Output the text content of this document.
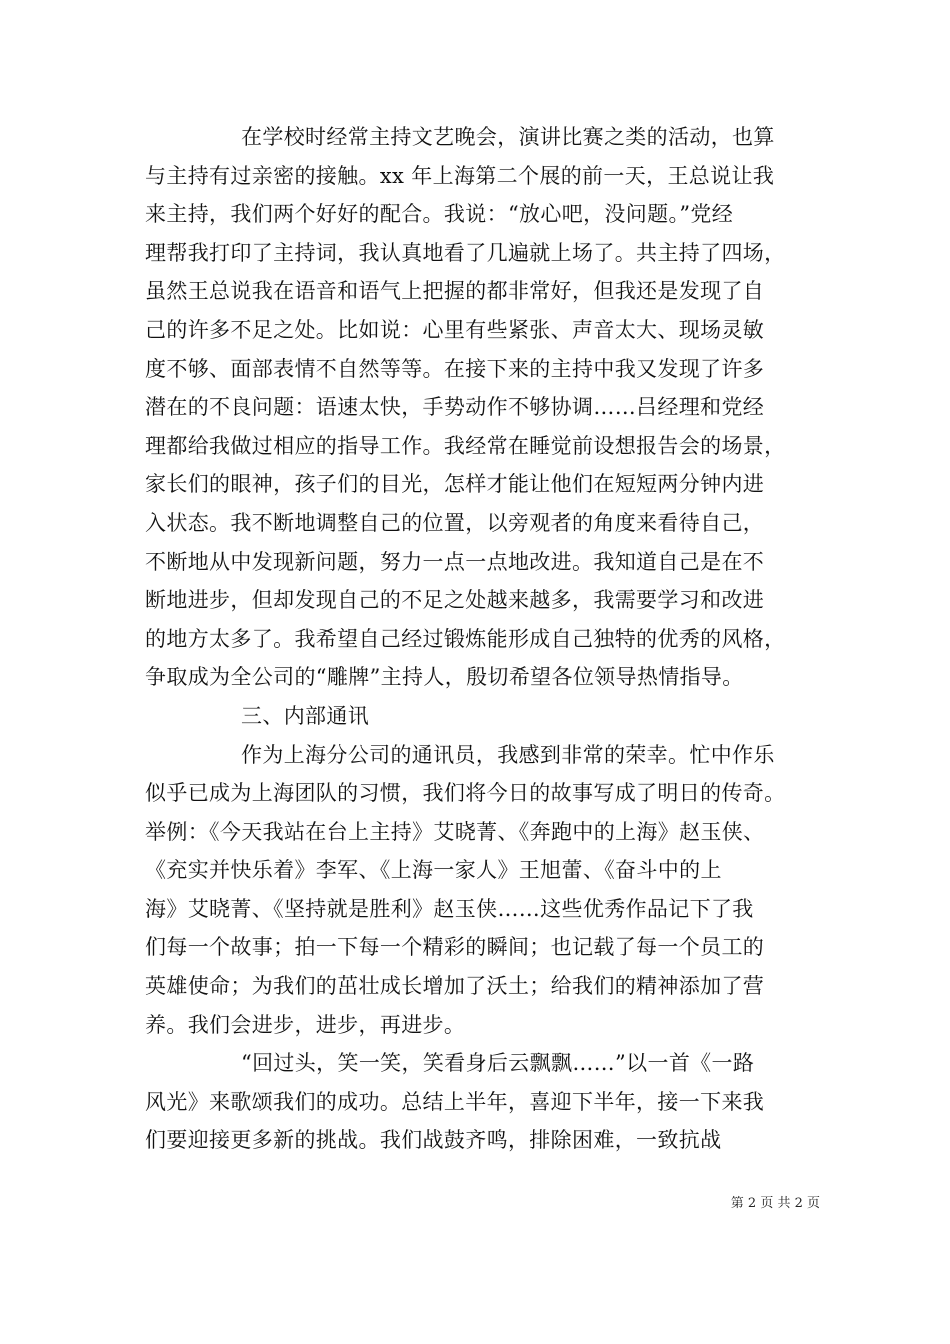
在学校时经常主持文艺晚会，演讲比赛之类的活动，也算
与主持有过亲密的接触。xx 年上海第二个展的前一天，王总说让我
来主持，我们两个好好的配合。我说：“放心吧，没问题。”党经
理帮我打印了主持词，我认真地看了几遍就上场了。共主持了四场，
虽然王总说我在语音和语气上把握的都非常好，但我还是发现了自
己的许多不足之处。比如说：心里有些紧张、声音太大、现场灵敏
度不够、面部表情不自然等等。在接下来的主持中我又发现了许多
潜在的不良问题：语速太快，手势动作不够协调……吕经理和党经
理都给我做过相应的指导工作。我经常在睡觉前设想报告会的场景，
家长们的眼神，孩子们的目光，怎样才能让他们在短短两分钟内进
入状态。我不断地调整自己的位置，以旁观者的角度来看待自己，
不断地从中发现新问题，努力一点一点地改进。我知道自己是在不
断地进步，但却发现自己的不足之处越来越多，我需要学习和改进
的地方太多了。我希望自己经过锻炼能形成自己独特的优秀的风格，
争取成为全公司的“雕牌”主持人，殷切希望各位领导热情指导。
三、内部通讯
作为上海分公司的通讯员，我感到非常的荣幸。忙中作乐
似乎已成为上海团队的习惯，我们将今日的故事写成了明日的传奇。
举例：《今天我站在台上主持》艾晓菁、《奔跑中的上海》赵玉侠、
《充实并快乐着》李军、《上海一家人》王旭蕾、《奋斗中的上
海》艾晓菁、《坚持就是胜利》赵玉侠……这些优秀作品记下了我
们每一个故事；拍一下每一个精彩的瞬间；也记载了每一个员工的
英雄使命；为我们的茁壮成长增加了沃土；给我们的精神添加了营
养。我们会进步，进步，再进步。
“回过头，笑一笑，笑看身后云飘飘……”以一首《一路
风光》来歌颂我们的成功。总结上半年，喜迎下半年，接一下来我
们要迎接更多新的挑战。我们战鼓齐鸣，排除困难，一致抗战
第 2 页 共 2 页
